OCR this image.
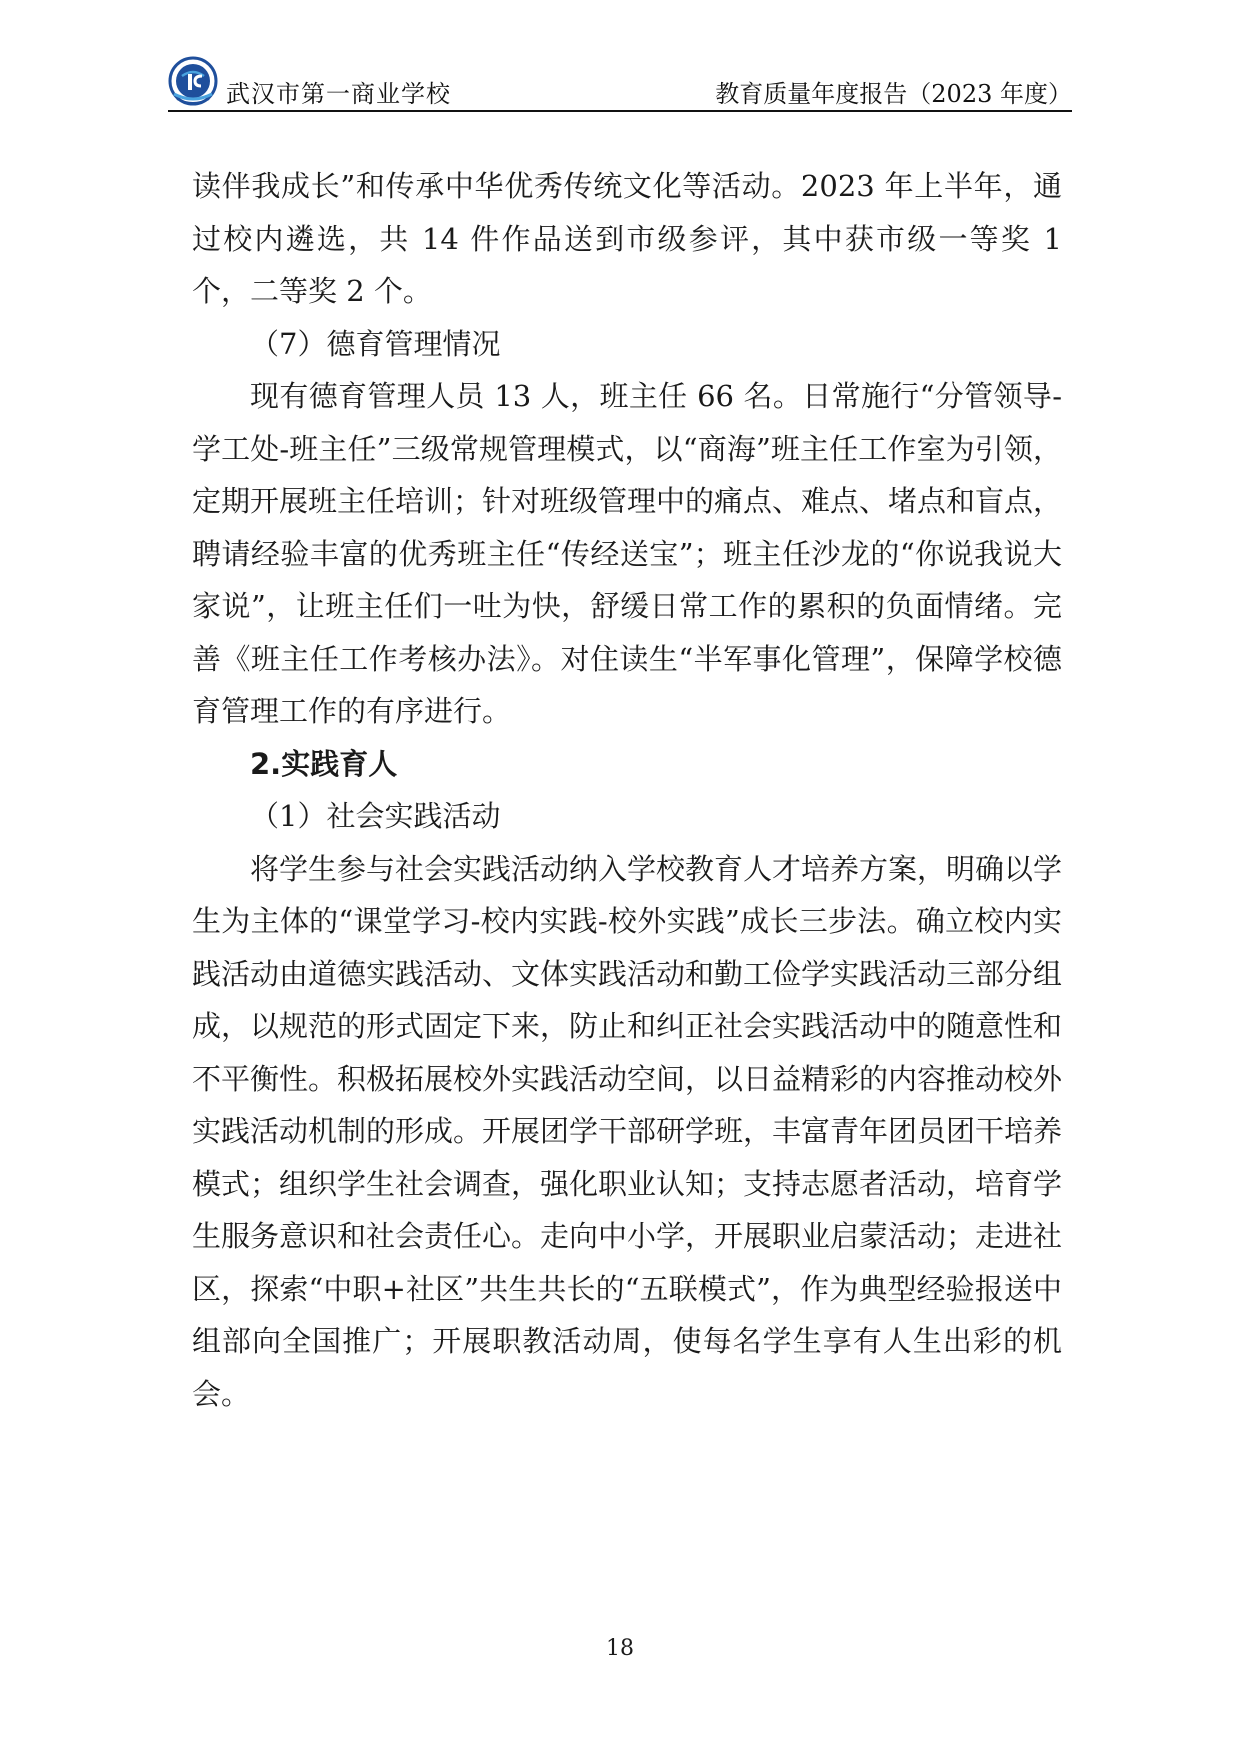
武汉市第一商业学校	教育质量年度报告（2023 年度）

读伴我成长”和传承中华优秀传统文化等活动。2023 年上半年，通过校内遴选，共 14 件作品送到市级参评，其中获市级一等奖 1 个，二等奖 2 个。

（7）德育管理情况

现有德育管理人员 13 人，班主任 66 名。日常施行“分管领导-学工处-班主任”三级常规管理模式，以“商海”班主任工作室为引领，定期开展班主任培训；针对班级管理中的痛点、难点、堵点和盲点，聘请经验丰富的优秀班主任“传经送宝”；班主任沙龙的“你说我说大家说”，让班主任们一吐为快，舒缓日常工作的累积的负面情绪。完善《班主任工作考核办法》。对住读生“半军事化管理”，保障学校德育管理工作的有序进行。

2.实践育人

（1）社会实践活动

将学生参与社会实践活动纳入学校教育人才培养方案，明确以学生为主体的“课堂学习-校内实践-校外实践”成长三步法。确立校内实践活动由道德实践活动、文体实践活动和勤工俭学实践活动三部分组成，以规范的形式固定下来，防止和纠正社会实践活动中的随意性和不平衡性。积极拓展校外实践活动空间，以日益精彩的内容推动校外实践活动机制的形成。开展团学干部研学班，丰富青年团员团干培养模式；组织学生社会调查，强化职业认知；支持志愿者活动，培育学生服务意识和社会责任心。走向中小学，开展职业启蒙活动；走进社区，探索“中职+社区”共生共长的“五联模式”，作为典型经验报送中组部向全国推广；开展职教活动周，使每名学生享有人生出彩的机会。

18
